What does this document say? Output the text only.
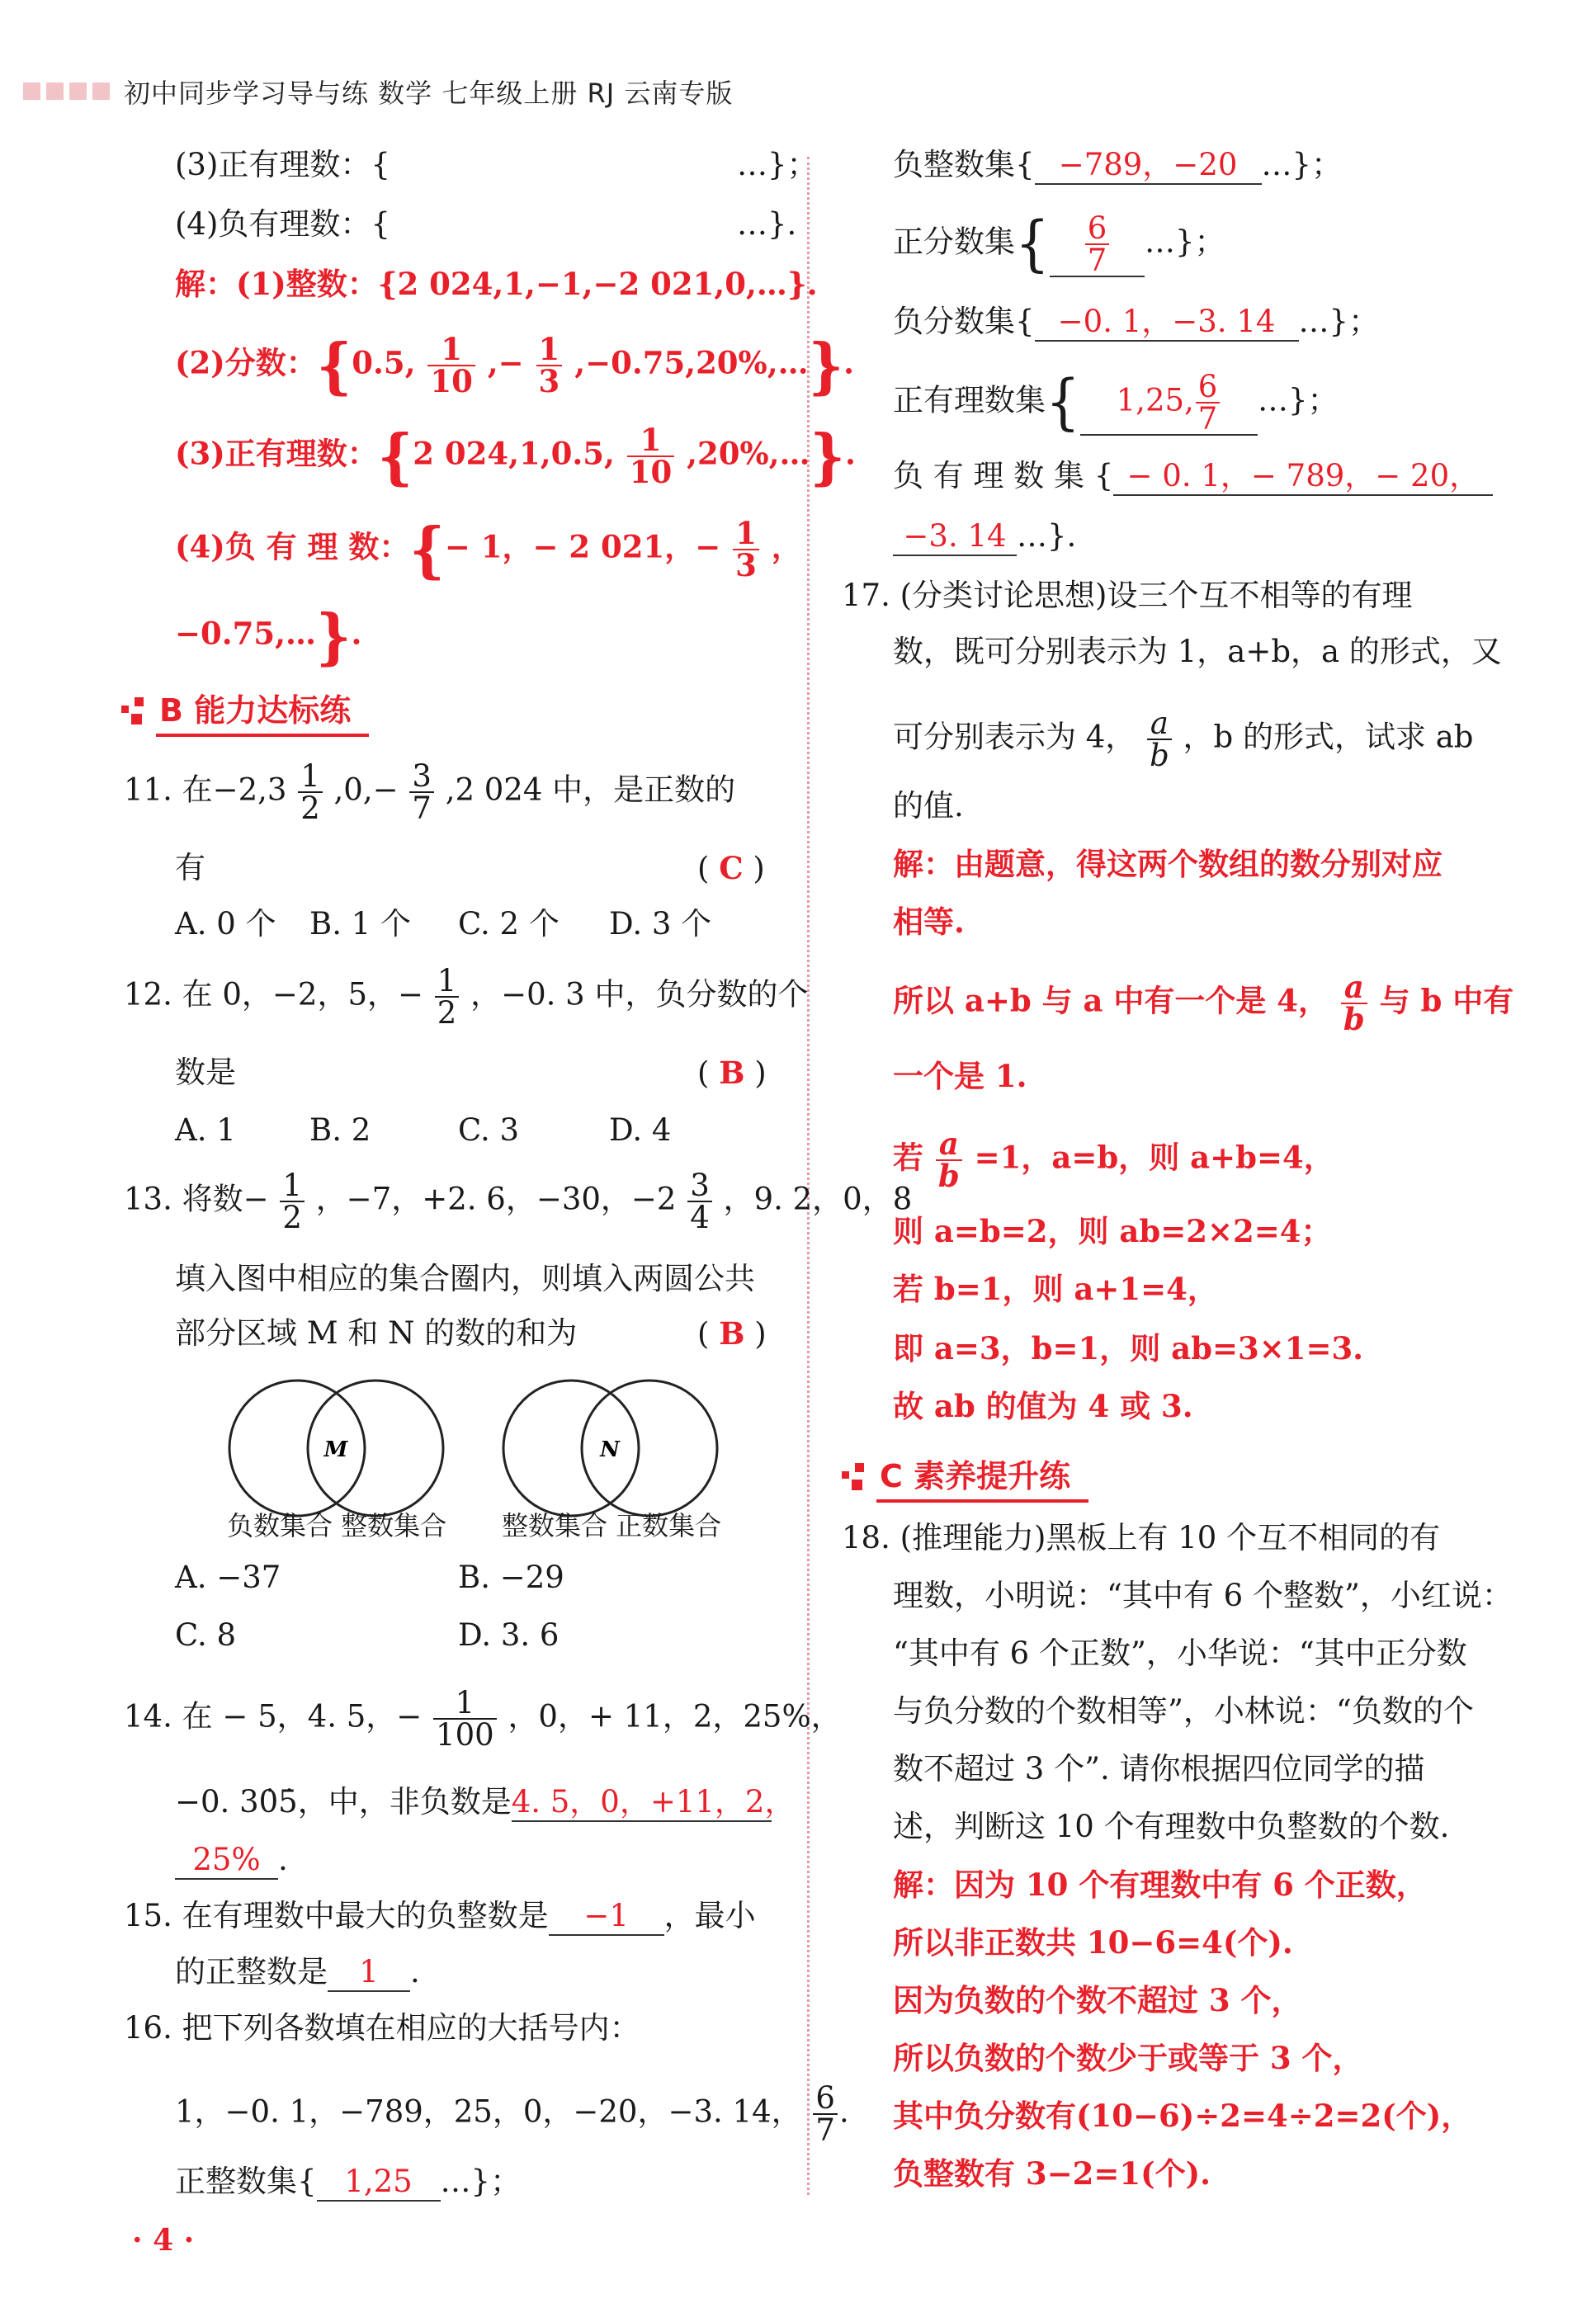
初中同步学习导与练 数学 七年级上册 RJ 云南专版
(3)正有理数：{	…}；
(4)负有理数：{	…}.
解：(1)整数：{2 024,1,−1,−2 021,0,…}.
(2)分数：{0.5, $\frac{1}{10}$ ,− $\frac{1}{3}$ ,−0.75,20%,…}.
(3)正有理数：{2 024,1,0.5, $\frac{1}{10}$ ,20%,…}.
(4)负 有 理 数：{− 1，− 2 021，− $\frac{1}{3}$ ，
−0.75,…}.
B 能力达标练
11. 在$-2,3 \frac{1}{2} ,0,- \frac{3}{7} ,2$ 024 中，是正数的
有	( C )
A. 0 个 B. 1 个 C. 2 个 D. 3 个
12. 在 0，−2，5，− $\frac{1}{2}$ ，−0. 3 中，负分数的个
数是	( B )
A. 1 B. 2	C. 3	D. 4
13. 将数− $\frac{1}{2}$ ，−7，+2. 6，−30，$-2 \frac{3}{4}$ ，9. 2，0，8
填入图中相应的集合圈内，则填入两圆公共
部分区域 M 和 N 的数的和为	( B )
M	N
负数集合 整数集合 整数集合 正数集合
A. −37	B. −29
C. 8	D. 3. 6
14. 在 − 5，4. 5，− $\frac{1}{100}$ ，0，+ 11，2，25%，
−0. 3. 0. 5，中，非负数是4. 5，0，+11，2，
25% .
15. 在有理数中最大的负整数是 −1 ，最小
的正整数是 1 .
16. 把下列各数填在相应的大括号内：
1，−0. 1，−789，25，0，−20，−3. 14， $\frac{6}{7}$ .
正整数集{ 1,25 …}；
· 4 ·
负整数集{ −789，−20 …}；
正分数集{ $\frac{6}{7}$ …}；
负分数集{ −0. 1，−3. 14 …}；
正有理数集{ 1,25, $\frac{6}{7}$ …}；
负 有 理 数 集 { − 0. 1，− 789，− 20，
−3. 14 …}.
17. (分类讨论思想)设三个互不相等的有理
数，既可分别表示为 1，a+b，a 的形式，又
可分别表示为 4， $\frac{a}{b}$ ，b 的形式，试求 ab
的值.
解：由题意，得这两个数组的数分别对应
相等.
所以 a+b 与 a 中有一个是 4， $\frac{a}{b}$ 与 b 中有
一个是 1.
若 $\frac{a}{b} =1$，a=b，则 a+b=4，
则 a=b=2，则 ab=2×2=4；
若 b=1，则 a+1=4，
即 a=3，b=1，则 ab=3×1=3.
故 ab 的值为 4 或 3.
C 素养提升练
18. (推理能力)黑板上有 10 个互不相同的有
理数，小明说：“其中有 6 个整数”，小红说：
“其中有 6 个正数”，小华说：“其中正分数
与负分数的个数相等”，小林说：“负数的个
数不超过 3 个”. 请你根据四位同学的描
述，判断这 10 个有理数中负整数的个数.
解：因为 10 个有理数中有 6 个正数，
所以非正数共 10−6=4(个).
因为负数的个数不超过 3 个，
所以负数的个数少于或等于 3 个，
其中负分数有(10−6)÷2=4÷2=2(个)，
负整数有 3−2=1(个).
